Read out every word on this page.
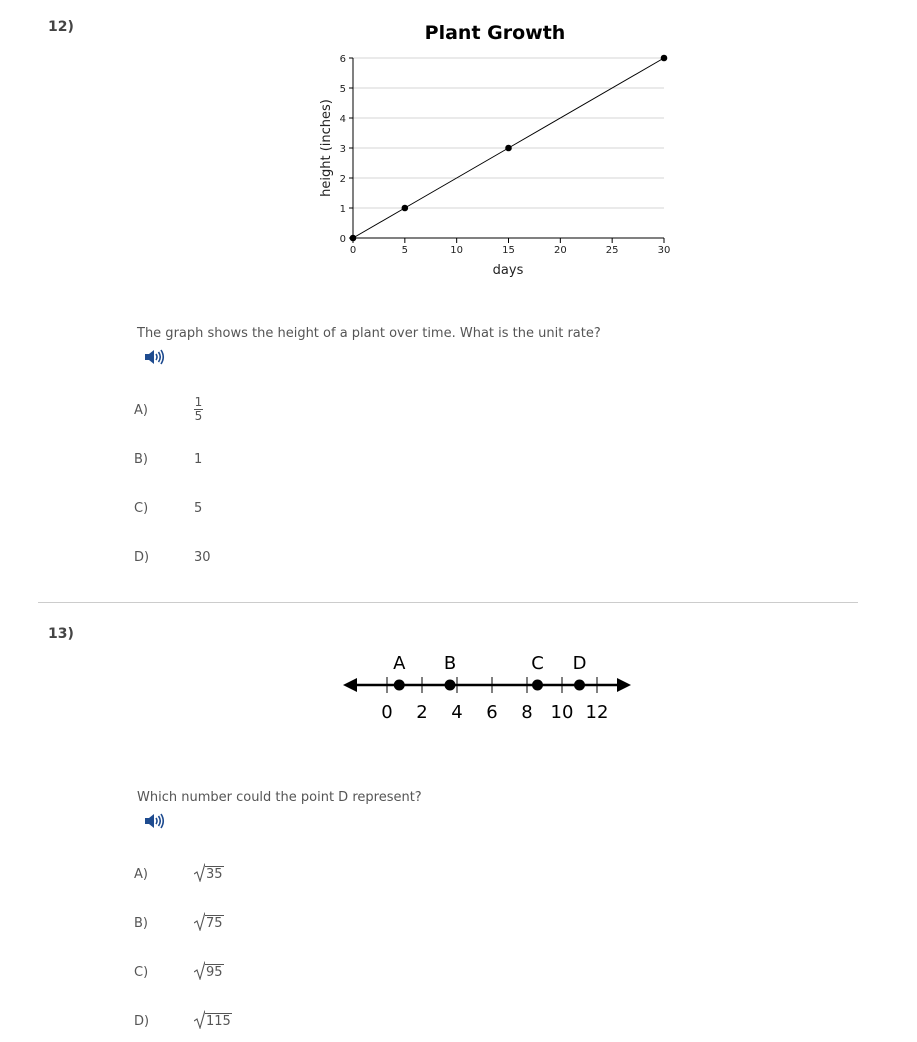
12)	Plant Growth
0
1
2
3
4
5
6
0	5	10	15	20	25	30
days
height (inches)
The graph shows the height of a plant over time. What is the unit rate?
A)	$\frac{1}{5}$
B)	1
C)	5
D)	30
13)
0 2 4 6 8 10 12
A B	C D
Which number could the point D represent?
A)	35
B)	75
C)	95
D)	115
